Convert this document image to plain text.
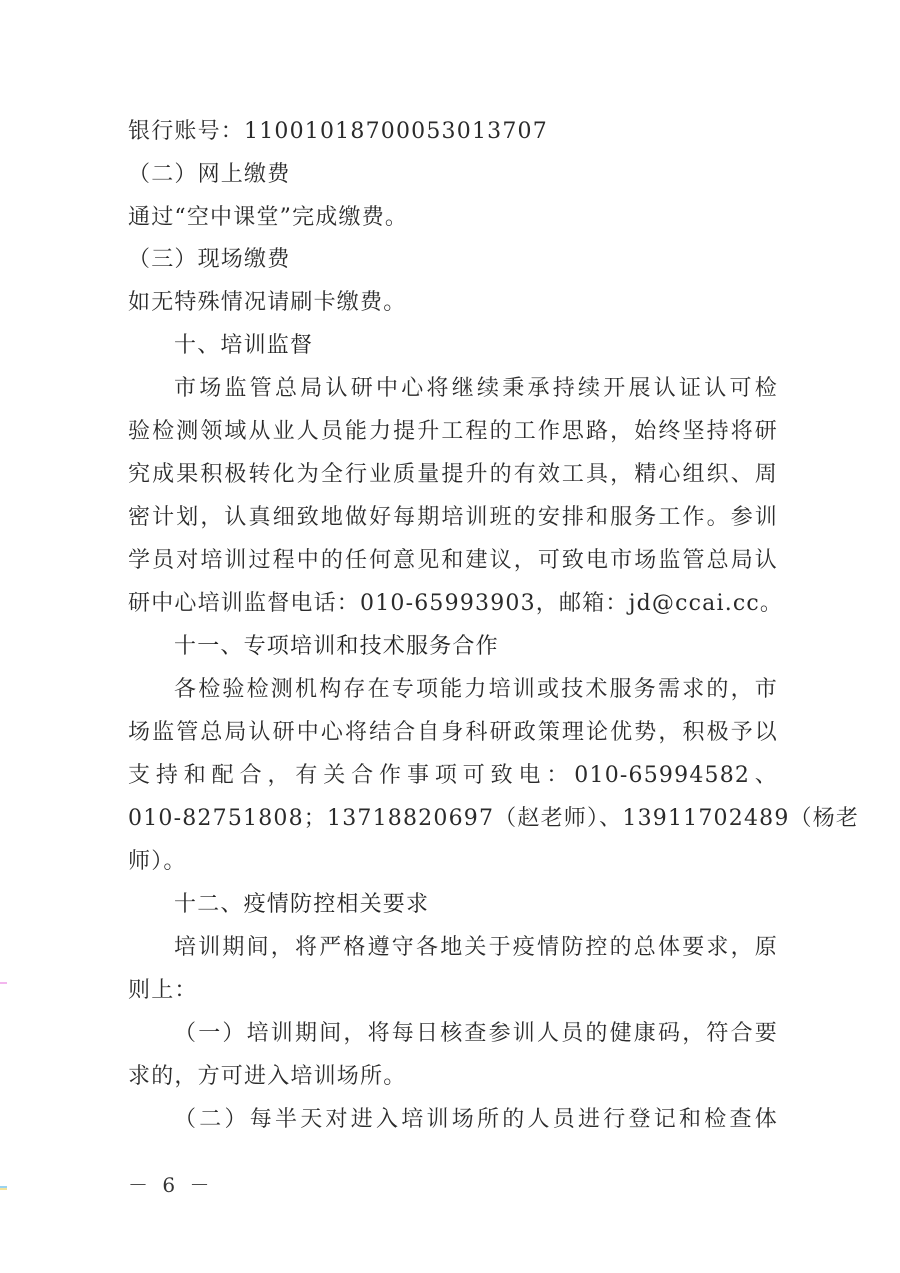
银行账号：11001018700053013707
（二）网上缴费
通过“空中课堂”完成缴费。
（三）现场缴费
如无特殊情况请刷卡缴费。
十、培训监督
市场监管总局认研中心将继续秉承持续开展认证认可检
验检测领域从业人员能力提升工程的工作思路，始终坚持将研
究成果积极转化为全行业质量提升的有效工具，精心组织、周
密计划，认真细致地做好每期培训班的安排和服务工作。参训
学员对培训过程中的任何意见和建议，可致电市场监管总局认
研中心培训监督电话：010-65993903，邮箱：jd@ccai.cc。
十一、专项培训和技术服务合作
各检验检测机构存在专项能力培训或技术服务需求的，市
场监管总局认研中心将结合自身科研政策理论优势，积极予以
支持和配合，有关合作事项可致电：010-65994582、
010-82751808；13718820697（赵老师）、13911702489（杨老
师）。
十二、疫情防控相关要求
培训期间，将严格遵守各地关于疫情防控的总体要求，原
则上：
（一）培训期间，将每日核查参训人员的健康码，符合要
求的，方可进入培训场所。
（二）每半天对进入培训场所的人员进行登记和检查体
－ 6 －
